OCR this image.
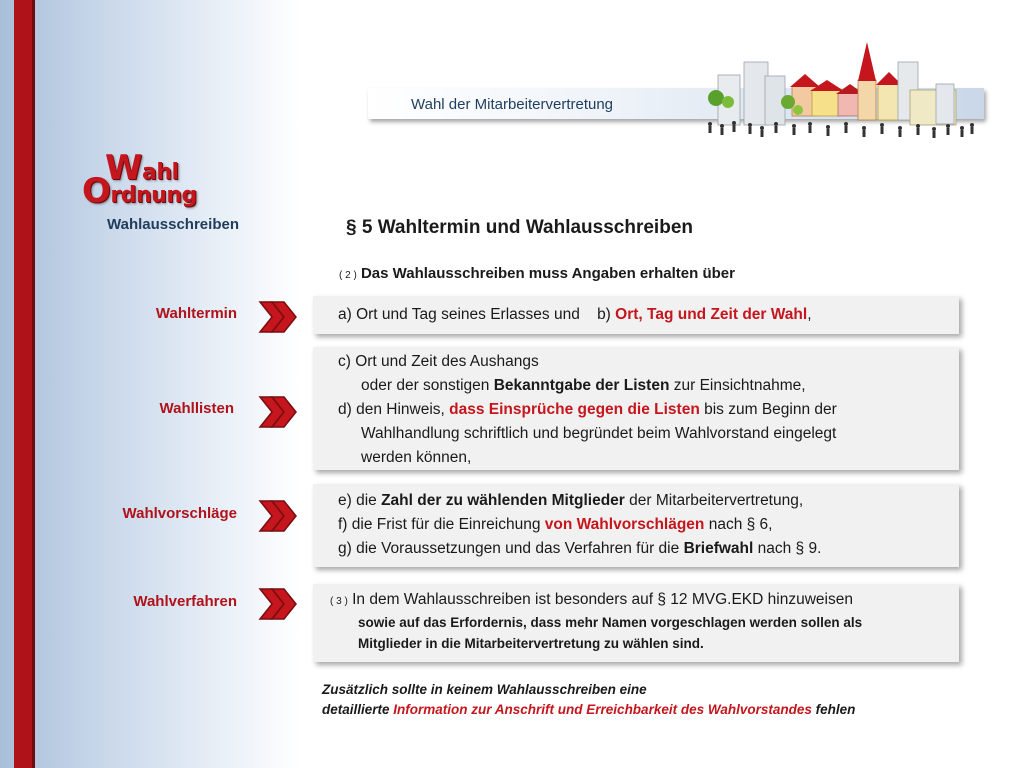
Wahl der Mitarbeitervertretung
Wahl
Ordnung
Wahlausschreiben	§ 5 Wahltermin und Wahlausschreiben
( 2 ) Das Wahlausschreiben muss Angaben erhalten über
Wahltermin
Wahllisten
Wahlvorschläge
Wahlverfahren

a) Ort und Tag seines Erlasses und b) Ort, Tag und Zeit der Wahl,

c) Ort und Zeit des Aushangs

oder der sonstigen Bekanntgabe der Listen zur Einsichtnahme,

d) den Hinweis, dass Einsprüche gegen die Listen bis zum Beginn der

Wahlhandlung schriftlich und begründet beim Wahlvorstand eingelegt

werden können,

e) die Zahl der zu wählenden Mitglieder der Mitarbeitervertretung,

f) die Frist für die Einreichung von Wahlvorschlägen nach § 6,

g) die Voraussetzungen und das Verfahren für die Briefwahl nach § 9.

( 3 ) In dem Wahlausschreiben ist besonders auf § 12 MVG.EKD hinzuweisen

sowie auf das Erfordernis, dass mehr Namen vorgeschlagen werden sollen als

Mitglieder in die Mitarbeitervertretung zu wählen sind.

Zusätzlich sollte in keinem Wahlausschreiben eine
detaillierte Information zur Anschrift und Erreichbarkeit des Wahlvorstandes fehlen
